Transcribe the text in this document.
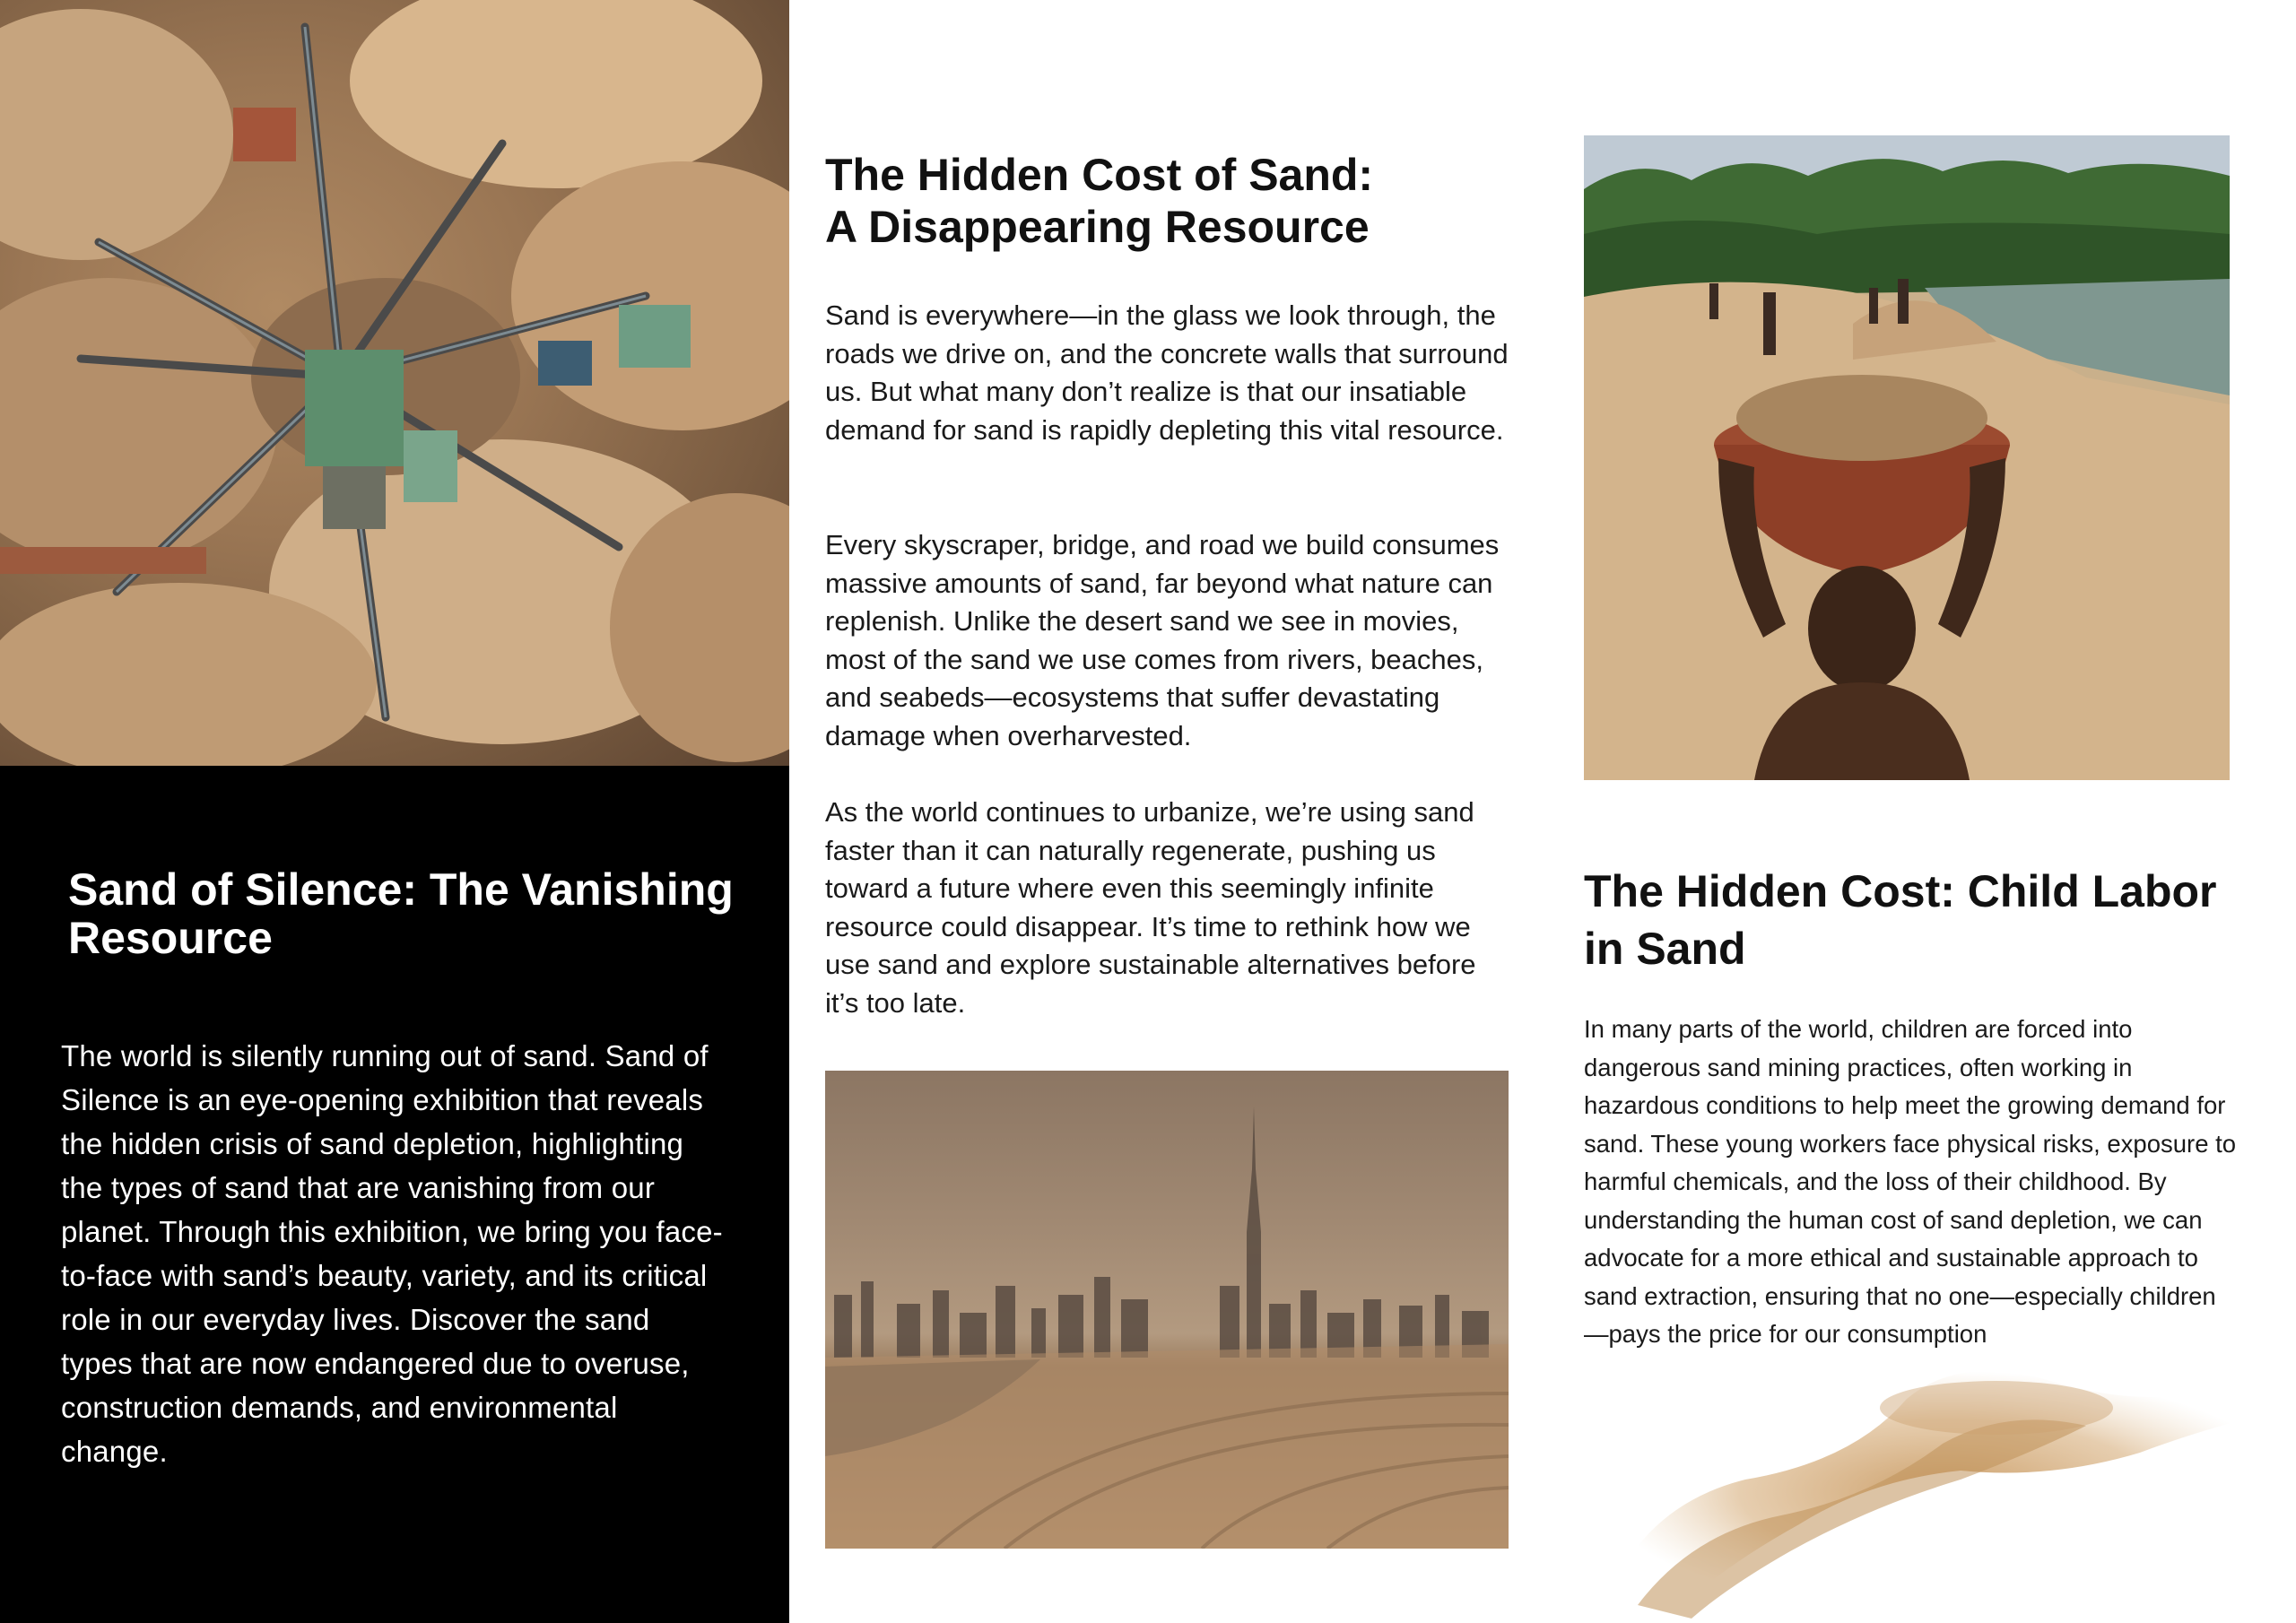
Sand of Silence: The Vanishing Resource

The world is silently running out of sand. Sand of Silence is an eye-opening exhibition that reveals the hidden crisis of sand depletion, highlighting the types of sand that are vanishing from our planet. Through this exhibition, we bring you face-to-face with sand’s beauty, variety, and its critical role in our everyday lives. Discover the sand types that are now endangered due to overuse, construction demands, and environmental change.

The Hidden Cost of Sand:
A Disappearing Resource

Sand is everywhere—in the glass we look through, the roads we drive on, and the concrete walls that surround us. But what many don’t realize is that our insatiable demand for sand is rapidly depleting this vital resource.

Every skyscraper, bridge, and road we build consumes massive amounts of sand, far beyond what nature can replenish. Unlike the desert sand we see in movies, most of the sand we use comes from rivers, beaches, and seabeds—ecosystems that suffer devastating damage when overharvested.

As the world continues to urbanize, we’re using sand faster than it can naturally regenerate, pushing us toward a future where even this seemingly infinite resource could disappear. It’s time to rethink how we use sand and explore sustainable alternatives before it’s too late.

The Hidden Cost: Child Labor in Sand

In many parts of the world, children are forced into dangerous sand mining practices, often working in hazardous conditions to help meet the growing demand for sand. These young workers face physical risks, exposure to harmful chemicals, and the loss of their childhood. By understanding the human cost of sand depletion, we can advocate for a more ethical and sustainable approach to sand extraction, ensuring that no one—especially children—pays the price for our consumption
